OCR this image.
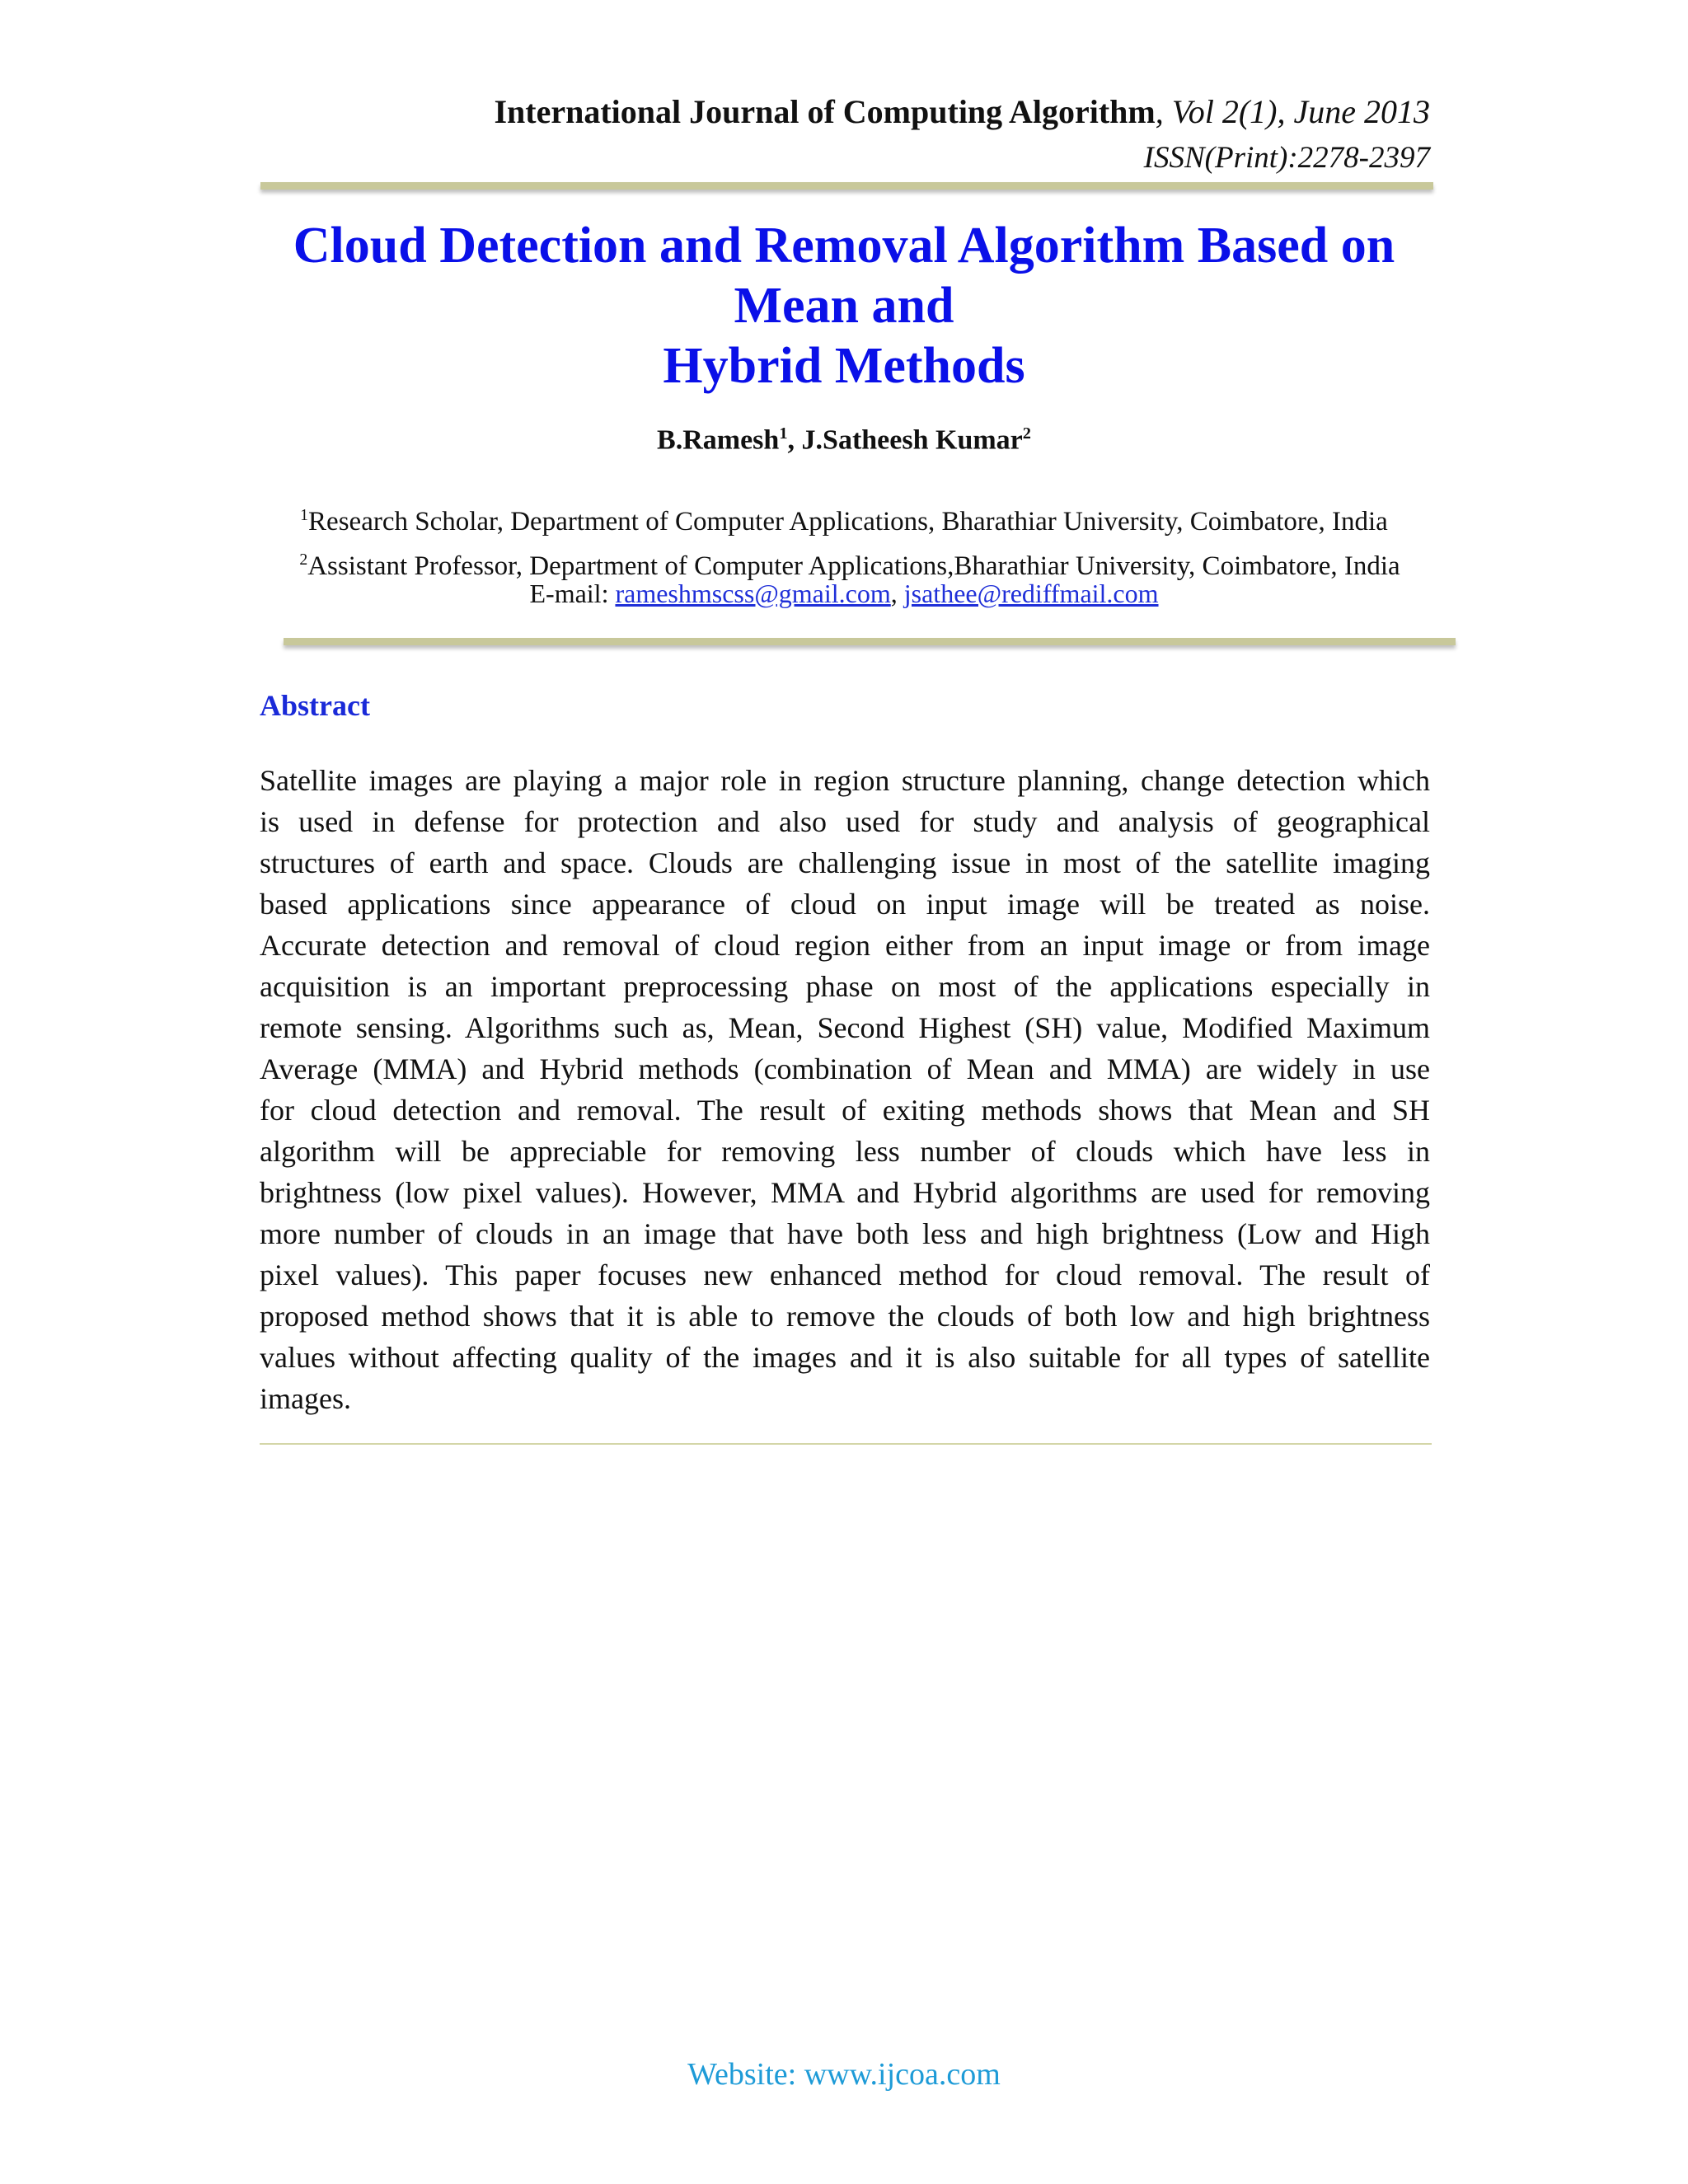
International Journal of Computing Algorithm, Vol 2(1), June 2013
ISSN(Print):2278-2397
Cloud Detection and Removal Algorithm Based on
Mean and
Hybrid Methods
B.Ramesh$^1$, J.Satheesh Kumar$^2$
$^1$Research Scholar, Department of Computer Applications, Bharathiar University, Coimbatore, India
$^2$Assistant Professor, Department of Computer Applications,Bharathiar University, Coimbatore, India
E-mail: rameshmscss@gmail.com, jsathee@rediffmail.com
Abstract
Satellite images are playing a major role in region structure planning, change detection which
is used in defense for protection and also used for study and analysis of geographical
structures of earth and space. Clouds are challenging issue in most of the satellite imaging
based applications since appearance of cloud on input image will be treated as noise.
Accurate detection and removal of cloud region either from an input image or from image
acquisition is an important preprocessing phase on most of the applications especially in
remote sensing. Algorithms such as, Mean, Second Highest (SH) value, Modified Maximum
Average (MMA) and Hybrid methods (combination of Mean and MMA) are widely in use
for cloud detection and removal. The result of exiting methods shows that Mean and SH
algorithm will be appreciable for removing less number of clouds which have less in
brightness (low pixel values). However, MMA and Hybrid algorithms are used for removing
more number of clouds in an image that have both less and high brightness (Low and High
pixel values). This paper focuses new enhanced method for cloud removal. The result of
proposed method shows that it is able to remove the clouds of both low and high brightness
values without affecting quality of the images and it is also suitable for all types of satellite
images.
Website: www.ijcoa.com
